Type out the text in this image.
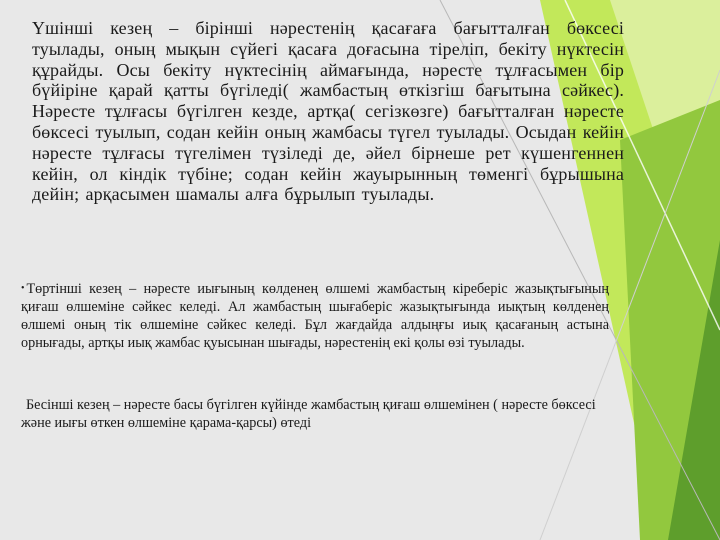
Үшінші кезең – бірінші нәрестенің қасағаға бағытталған бөксесі туылады, оның мықын сүйегі қасаға доғасына тіреліп, бекіту нүктесін құрайды. Осы бекіту нүктесінің аймағында, нәресте тұлғасымен бір бүйіріне қарай қатты бүгіледі( жамбастың өткізгіш бағытына сәйкес). Нәресте тұлғасы бүгілген кезде, артқа( сегізкөзге) бағытталған нәресте бөксесі туылып, содан кейін оның жамбасы түгел туылады. Осыдан кейін нәресте тұлғасы түгелімен түзіледі де, әйел бірнеше рет күшенгеннен кейін, ол кіндік түбіне; содан кейін жауырынның төменгі бұрышына дейін; арқасымен шамалы алға бұрылып туылады.
• Төртінші кезең – нәресте иығының көлденең өлшемі жамбастың кіреберіс жазықтығының қиғаш өлшеміне сәйкес келеді. Ал жамбастың шығаберіс жазықтығында иықтың көлденең өлшемі оның тік өлшеміне сәйкес келеді. Бұл жағдайда алдыңғы иық қасағаның астына орнығады, артқы иық жамбас қуысынан шығады, нәрестенің екі қолы өзі туылады.
Бесінші кезең – нәресте басы бүгілген күйінде жамбастың қиғаш өлшемінен ( нәресте бөксесі және иығы өткен өлшеміне қарама-қарсы) өтеді
